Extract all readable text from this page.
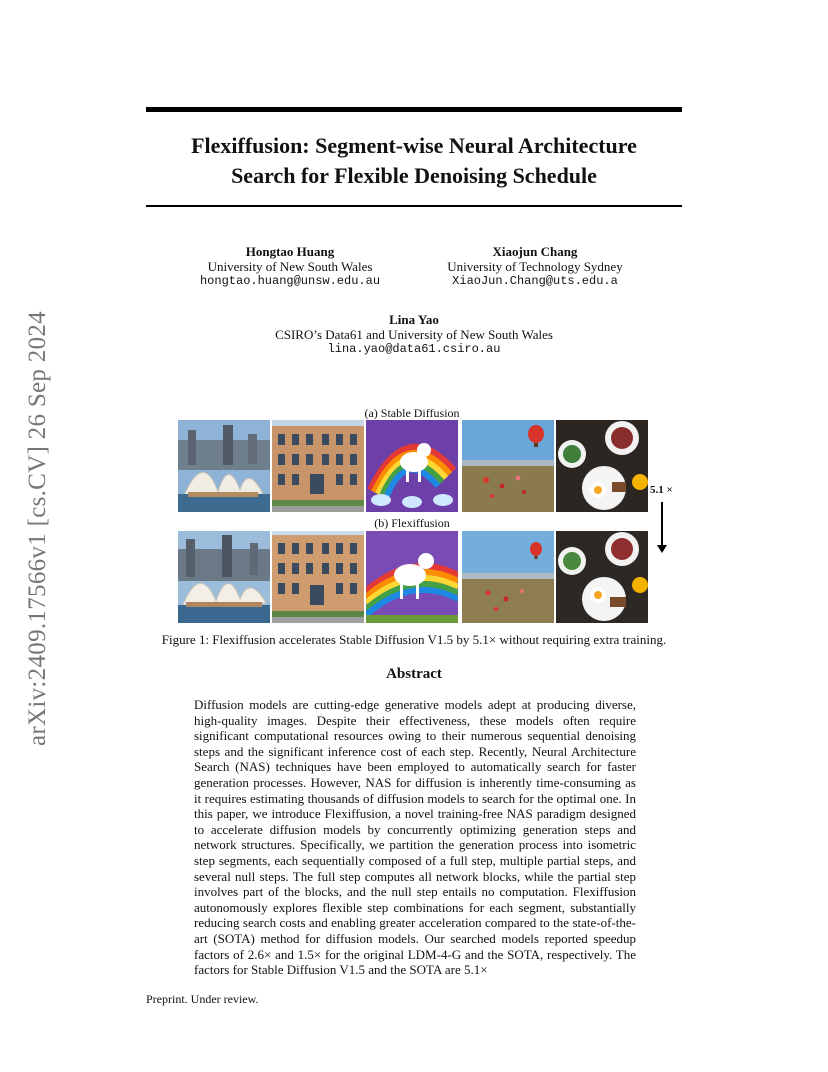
arXiv:2409.17566v1 [cs.CV] 26 Sep 2024
Flexiffusion: Segment-wise Neural Architecture
Search for Flexible Denoising Schedule
Hongtao Huang
University of New South Wales
hongtao.huang@unsw.edu.au
Xiaojun Chang
University of Technology Sydney
XiaoJun.Chang@uts.edu.a
Lina Yao
CSIRO’s Data61 and University of New South Wales
lina.yao@data61.csiro.au
(a) Stable Diffusion
(b) Flexiffusion
5.1 ×
Figure 1: Flexiffusion accelerates Stable Diffusion V1.5 by 5.1× without requiring extra training.
Abstract
Diffusion models are cutting-edge generative models adept at producing diverse, high-quality images. Despite their effectiveness, these models often require significant computational resources owing to their numerous sequential denoising steps and the significant inference cost of each step. Recently, Neural Architecture Search (NAS) techniques have been employed to automatically search for faster generation processes. However, NAS for diffusion is inherently time-consuming as it requires estimating thousands of diffusion models to search for the optimal one. In this paper, we introduce Flexiffusion, a novel training-free NAS paradigm designed to accelerate diffusion models by concurrently optimizing generation steps and network structures. Specifically, we partition the generation process into isometric step segments, each sequentially composed of a full step, multiple partial steps, and several null steps. The full step computes all network blocks, while the partial step involves part of the blocks, and the null step entails no computation. Flexiffusion autonomously explores flexible step combinations for each segment, substantially reducing search costs and enabling greater acceleration compared to the state-of-the-art (SOTA) method for diffusion models. Our searched models reported speedup factors of 2.6× and 1.5× for the original LDM-4-G and the SOTA, respectively. The factors for Stable Diffusion V1.5 and the SOTA are 5.1×
Preprint. Under review.
